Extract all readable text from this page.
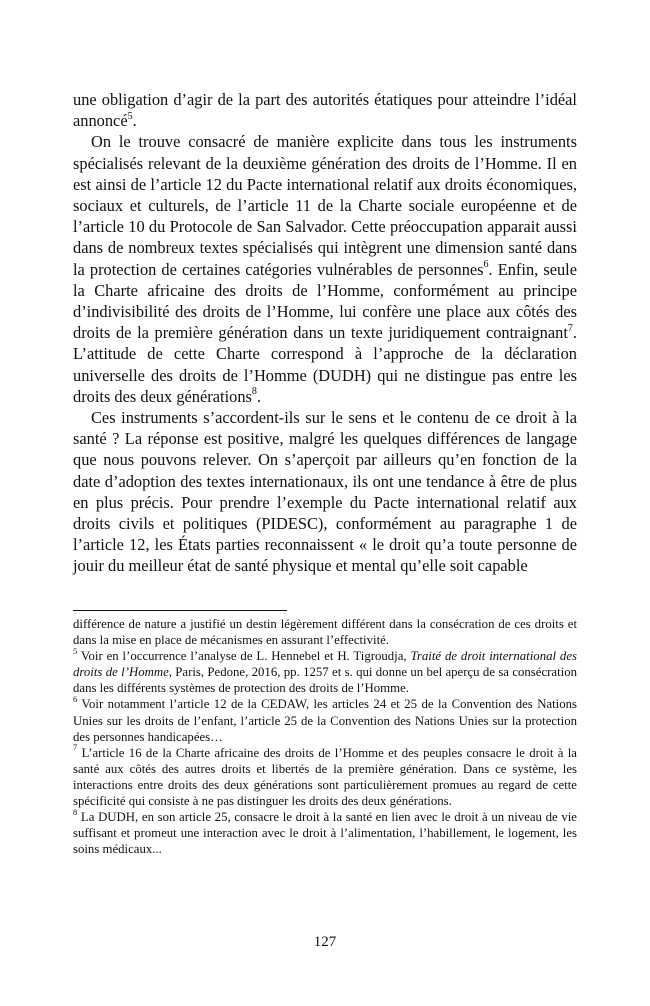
une obligation d’agir de la part des autorités étatiques pour atteindre l’idéal annoncé$^5$.

On le trouve consacré de manière explicite dans tous les instruments spécialisés relevant de la deuxième génération des droits de l’Homme. Il en est ainsi de l’article 12 du Pacte international relatif aux droits économiques, sociaux et culturels, de l’article 11 de la Charte sociale européenne et de l’article 10 du Protocole de San Salvador. Cette préoccupation apparait aussi dans de nombreux textes spécialisés qui intègrent une dimension santé dans la protection de certaines catégories vulnérables de personnes$^6$. Enfin, seule la Charte africaine des droits de l’Homme, conformément au principe d’indivisibilité des droits de l’Homme, lui confère une place aux côtés des droits de la première génération dans un texte juridiquement contraignant$^7$. L’attitude de cette Charte correspond à l’approche de la déclaration universelle des droits de l’Homme (DUDH) qui ne distingue pas entre les droits des deux générations$^8$.

Ces instruments s’accordent-ils sur le sens et le contenu de ce droit à la santé ? La réponse est positive, malgré les quelques différences de langage que nous pouvons relever. On s’aperçoit par ailleurs qu’en fonction de la date d’adoption des textes internationaux, ils ont une tendance à être de plus en plus précis. Pour prendre l’exemple du Pacte international relatif aux droits civils et politiques (PIDESC), conformément au paragraphe 1 de l’article 12, les États parties reconnaissent « le droit qu’a toute personne de jouir du meilleur état de santé physique et mental qu’elle soit capable

différence de nature a justifié un destin légèrement différent dans la consécration de ces droits et dans la mise en place de mécanismes en assurant l’effectivité.

$^5$ Voir en l’occurrence l’analyse de L. Hennebel et H. Tigroudja, Traité de droit international des droits de l’Homme, Paris, Pedone, 2016, pp. 1257 et s. qui donne un bel aperçu de sa consécration dans les différents systèmes de protection des droits de l’Homme.

$^6$ Voir notamment l’article 12 de la CEDAW, les articles 24 et 25 de la Convention des Nations Unies sur les droits de l’enfant, l’article 25 de la Convention des Nations Unies sur la protection des personnes handicapées…

$^7$ L’article 16 de la Charte africaine des droits de l’Homme et des peuples consacre le droit à la santé aux côtés des autres droits et libertés de la première génération. Dans ce système, les interactions entre droits des deux générations sont particulièrement promues au regard de cette spécificité qui consiste à ne pas distinguer les droits des deux générations.

$^8$ La DUDH, en son article 25, consacre le droit à la santé en lien avec le droit à un niveau de vie suffisant et promeut une interaction avec le droit à l’alimentation, l’habillement, le logement, les soins médicaux...

127
